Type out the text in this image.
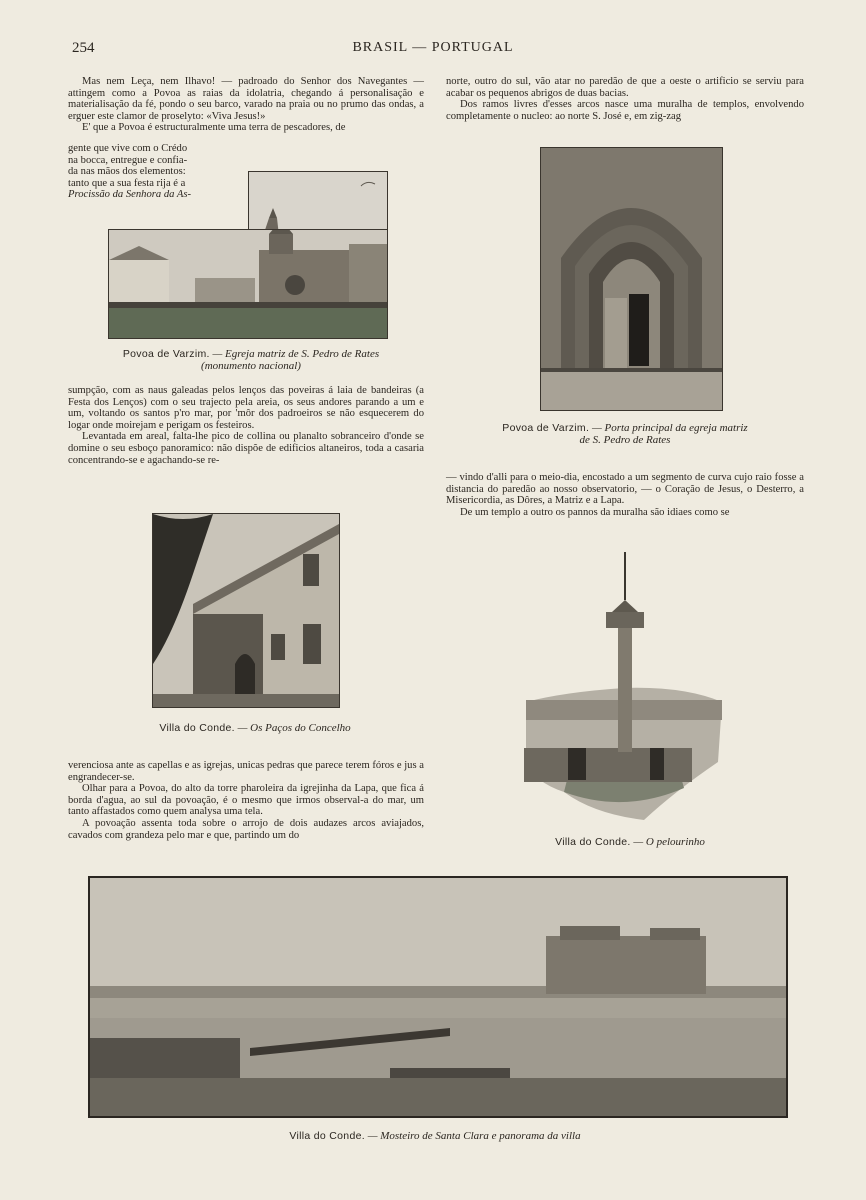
254	BRASIL — PORTUGAL

Mas nem Leça, nem Ilhavo! — padroado do Senhor dos Navegantes — attingem como a Povoa as raias da idolatria, chegando á personalisação e materialisação da fé, pondo o seu barco, varado na praia ou no prumo das ondas, a erguer este clamor de proselyto: «Viva Jesus!»

E' que a Povoa é estructuralmente uma terra de pescadores, de

gente que vive com o Crédo
na bocca, entregue e confia-
da nas mãos dos elementos:
tanto que a sua festa rija é a
Procissão da Senhora da As-
Povoa de Varzim. — Egreja matriz de S. Pedro de Rates
(monumento nacional)

sumpção, com as naus galeadas pelos lenços das poveiras á laia de bandeiras (a Festa dos Lenços) com o seu trajecto pela areia, os seus andores parando a um e um, voltando os santos p'ro mar, por 'môr dos padroeiros se não esquecerem do logar onde moirejam e perigam os festeiros.

Levantada em areal, falta-lhe pico de collina ou planalto sobranceiro d'onde se domine o seu esboço panoramico: não dispõe de edificios altaneiros, toda a casaria concentrando-se e agachando-se re-

Villa do Conde. — Os Paços do Concelho

verenciosa ante as capellas e as igrejas, unicas pedras que parece terem fóros e jus a engrandecer-se.

Olhar para a Povoa, do alto da torre pharoleira da igrejinha da Lapa, que fica á borda d'agua, ao sul da povoação, é o mesmo que irmos observal-a do mar, um tanto affastados como quem analysa uma tela.

A povoação assenta toda sobre o arrojo de dois audazes arcos aviajados, cavados com grandeza pelo mar e que, partindo um do

norte, outro do sul, vão atar no paredão de que a oeste o artificio se serviu para acabar os pequenos abrigos de duas bacias.

Dos ramos livres d'esses arcos nasce uma muralha de templos, envolvendo completamente o nucleo: ao norte S. José e, em zig-zag

Povoa de Varzim. — Porta principal da egreja matriz
de S. Pedro de Rates

— vindo d'alli para o meio-dia, encostado a um segmento de curva cujo raio fosse a distancia do paredão ao nosso observatorio, — o Coração de Jesus, o Desterro, a Misericordia, as Dôres, a Matriz e a Lapa.

De um templo a outro os pannos da muralha são idiaes como se

Villa do Conde. — O pelourinho
Villa do Conde. — Mosteiro de Santa Clara e panorama da villa
